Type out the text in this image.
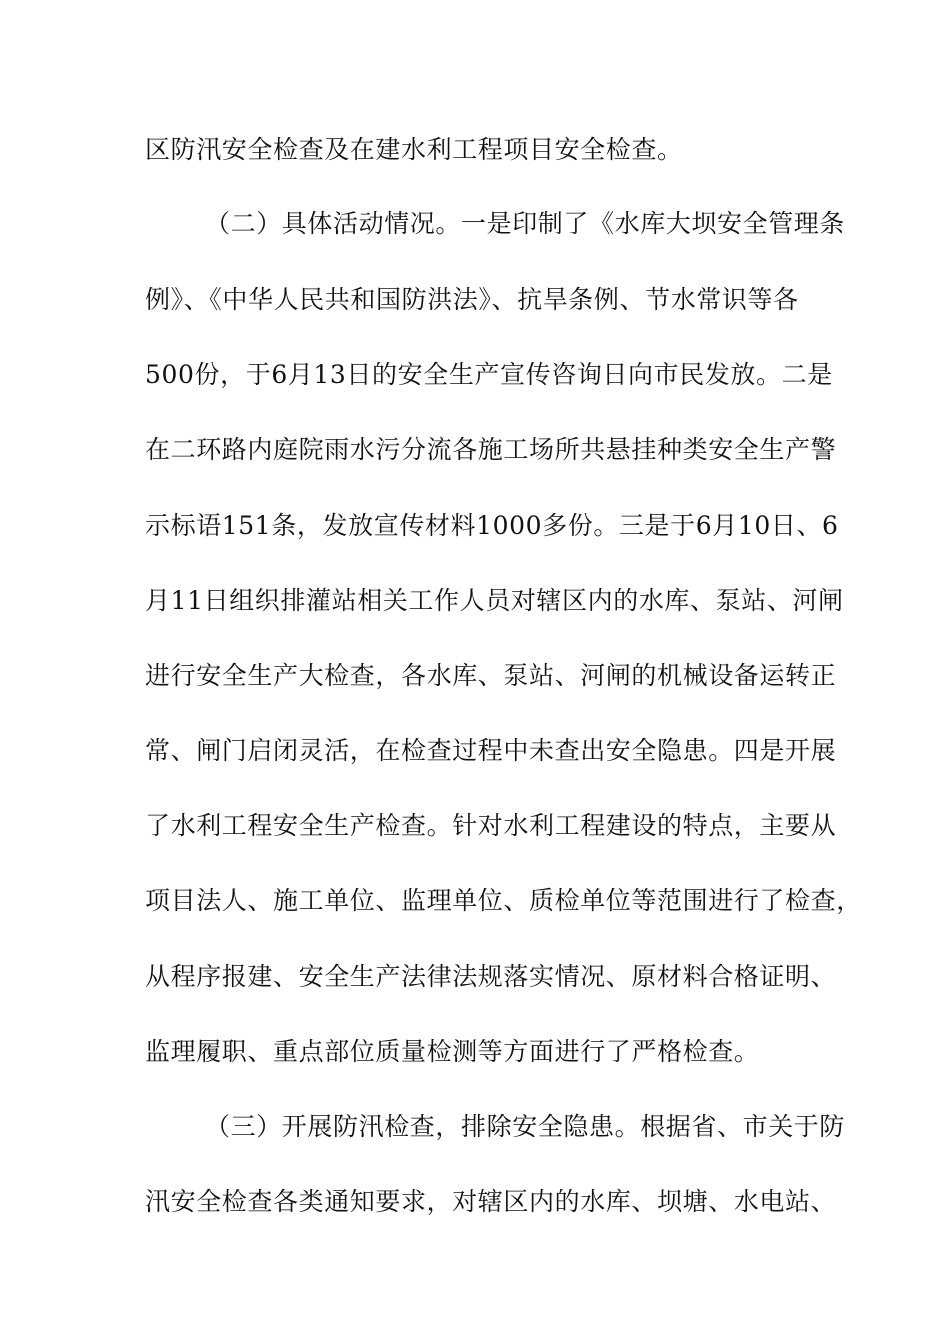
区防汛安全检查及在建水利工程项目安全检查。
（二）具体活动情况。一是印制了《水库大坝安全管理条
例》、《中华人民共和国防洪法》、抗旱条例、节水常识等各
500份，于6月13日的安全生产宣传咨询日向市民发放。二是
在二环路内庭院雨水污分流各施工场所共悬挂种类安全生产警
示标语151条，发放宣传材料1000多份。三是于6月10日、6
月11日组织排灌站相关工作人员对辖区内的水库、泵站、河闸
进行安全生产大检查，各水库、泵站、河闸的机械设备运转正
常、闸门启闭灵活，在检查过程中未查出安全隐患。四是开展
了水利工程安全生产检查。针对水利工程建设的特点，主要从
项目法人、施工单位、监理单位、质检单位等范围进行了检查，
从程序报建、安全生产法律法规落实情况、原材料合格证明、
监理履职、重点部位质量检测等方面进行了严格检查。
（三）开展防汛检查，排除安全隐患。根据省、市关于防
汛安全检查各类通知要求，对辖区内的水库、坝塘、水电站、
